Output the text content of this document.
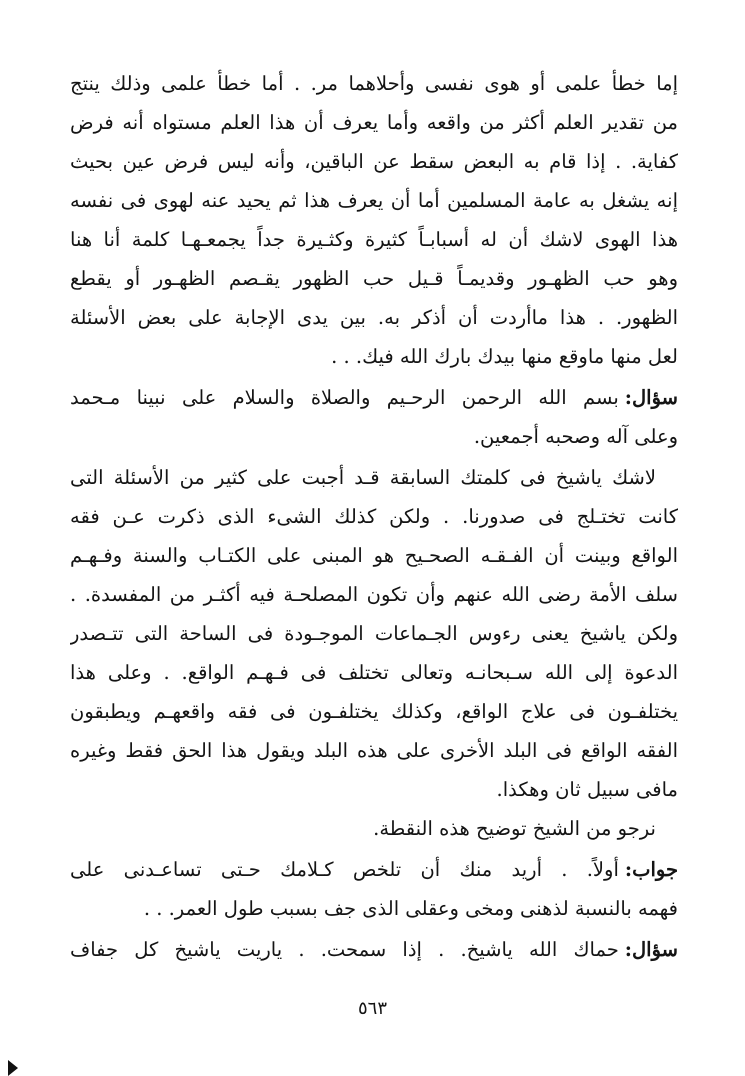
إما خطأ علمى أو هوى نفسى وأحلاهما مر. . أما خطأ علمى وذلك ينتج
من تقدير العلم أكثر من واقعه وأما يعرف أن هذا العلم مستواه أنه فرض
كفاية. . إذا قام به البعض سقط عن الباقين، وأنه ليس فرض عين بحيث
إنه يشغل به عامة المسلمين أما أن يعرف هذا ثم يحيد عنه لهوى فى نفسه
هذا الهوى لاشك أن له أسبابـاً كثيرة وكثـيرة جداً يجمعـهـا كلمة أنا هنا
وهو حب الظهـور وقديمـاً قـيل حب الظهور يقـصم الظهـور أو يقطع
الظهور. . هذا ماأردت أن أذكر به. بين يدى الإجابة على بعض الأسئلة
لعل منها ماوقع منها بيدك بارك الله فيك. . .
سؤال:بسم الله الرحمن الرحـيم والصلاة والسلام على نبينا مـحمد
وعلى آله وصحبه أجمعين.
لاشك ياشيخ فى كلمتك السابقة قـد أجبت على كثير من الأسئلة التى
كانت تختـلج فى صدورنا. . ولكن كذلك الشىء الذى ذكرت عـن فقه
الواقع وبينت أن الفـقـه الصحـيح هو المبنى على الكتـاب والسنة وفـهـم
سلف الأمة رضى الله عنهم وأن تكون المصلحـة فيه أكثـر من المفسدة. .
ولكن ياشيخ يعنى رءوس الجـماعات الموجـودة فى الساحة التى تتـصدر
الدعوة إلى الله سـبحانـه وتعالى تختلف فى فـهـم الواقع. . وعلى هذا
يختلفـون فى علاج الواقع، وكذلك يختلفـون فى فقه واقعهـم ويطبقون
الفقه الواقع فى البلد الأخرى على هذه البلد ويقول هذا الحق فقط وغيره
مافى سبيل ثان وهكذا.
نرجو من الشيخ توضيح هذه النقطة.
جواب:أولاً. . أريد منك أن تلخص كـلامك حـتى تساعـدنى على
فهمه بالنسبة لذهنى ومخى وعقلى الذى جف بسبب طول العمر. . .
سؤال:حماك الله ياشيخ. . إذا سمحت. . ياريت ياشيخ كل جفاف
٥٦٣
